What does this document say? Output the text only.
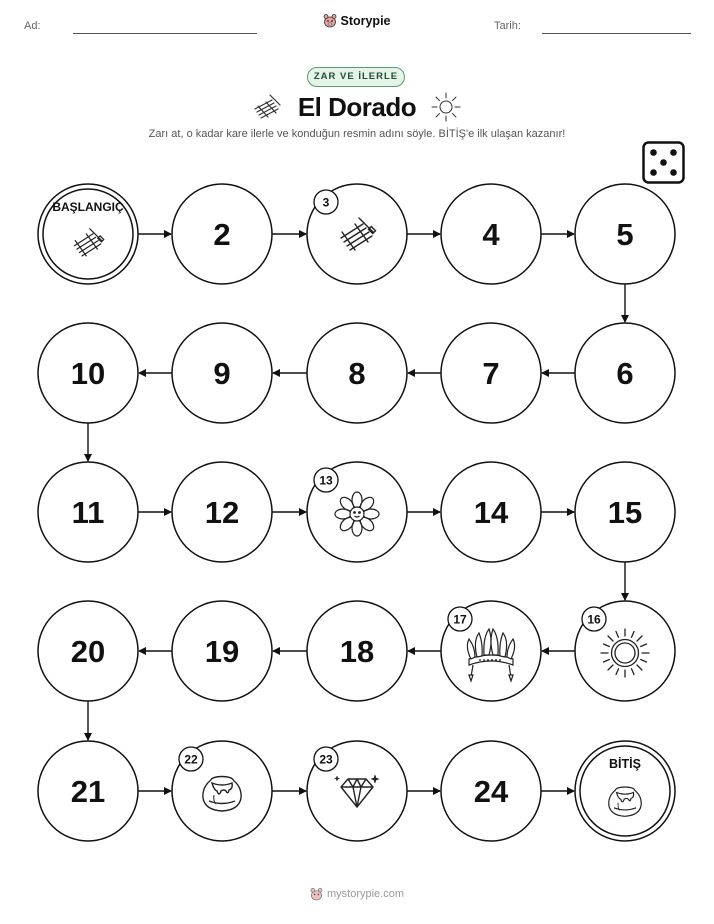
Ad:	Tarih:
Storypie
ZAR VE İLERLE
El Dorado
Zarı at, o kadar kare ilerle ve konduğun resmin adını söyle. BİTİŞ'e ilk ulaşan kazanır!
BAŞLANGIÇ
2
3
4	5
6
7
8
9
10
11	12
13
14	15
16
17
18
19
20
21
22	23
24
BİTİŞ
mystorypie.com
